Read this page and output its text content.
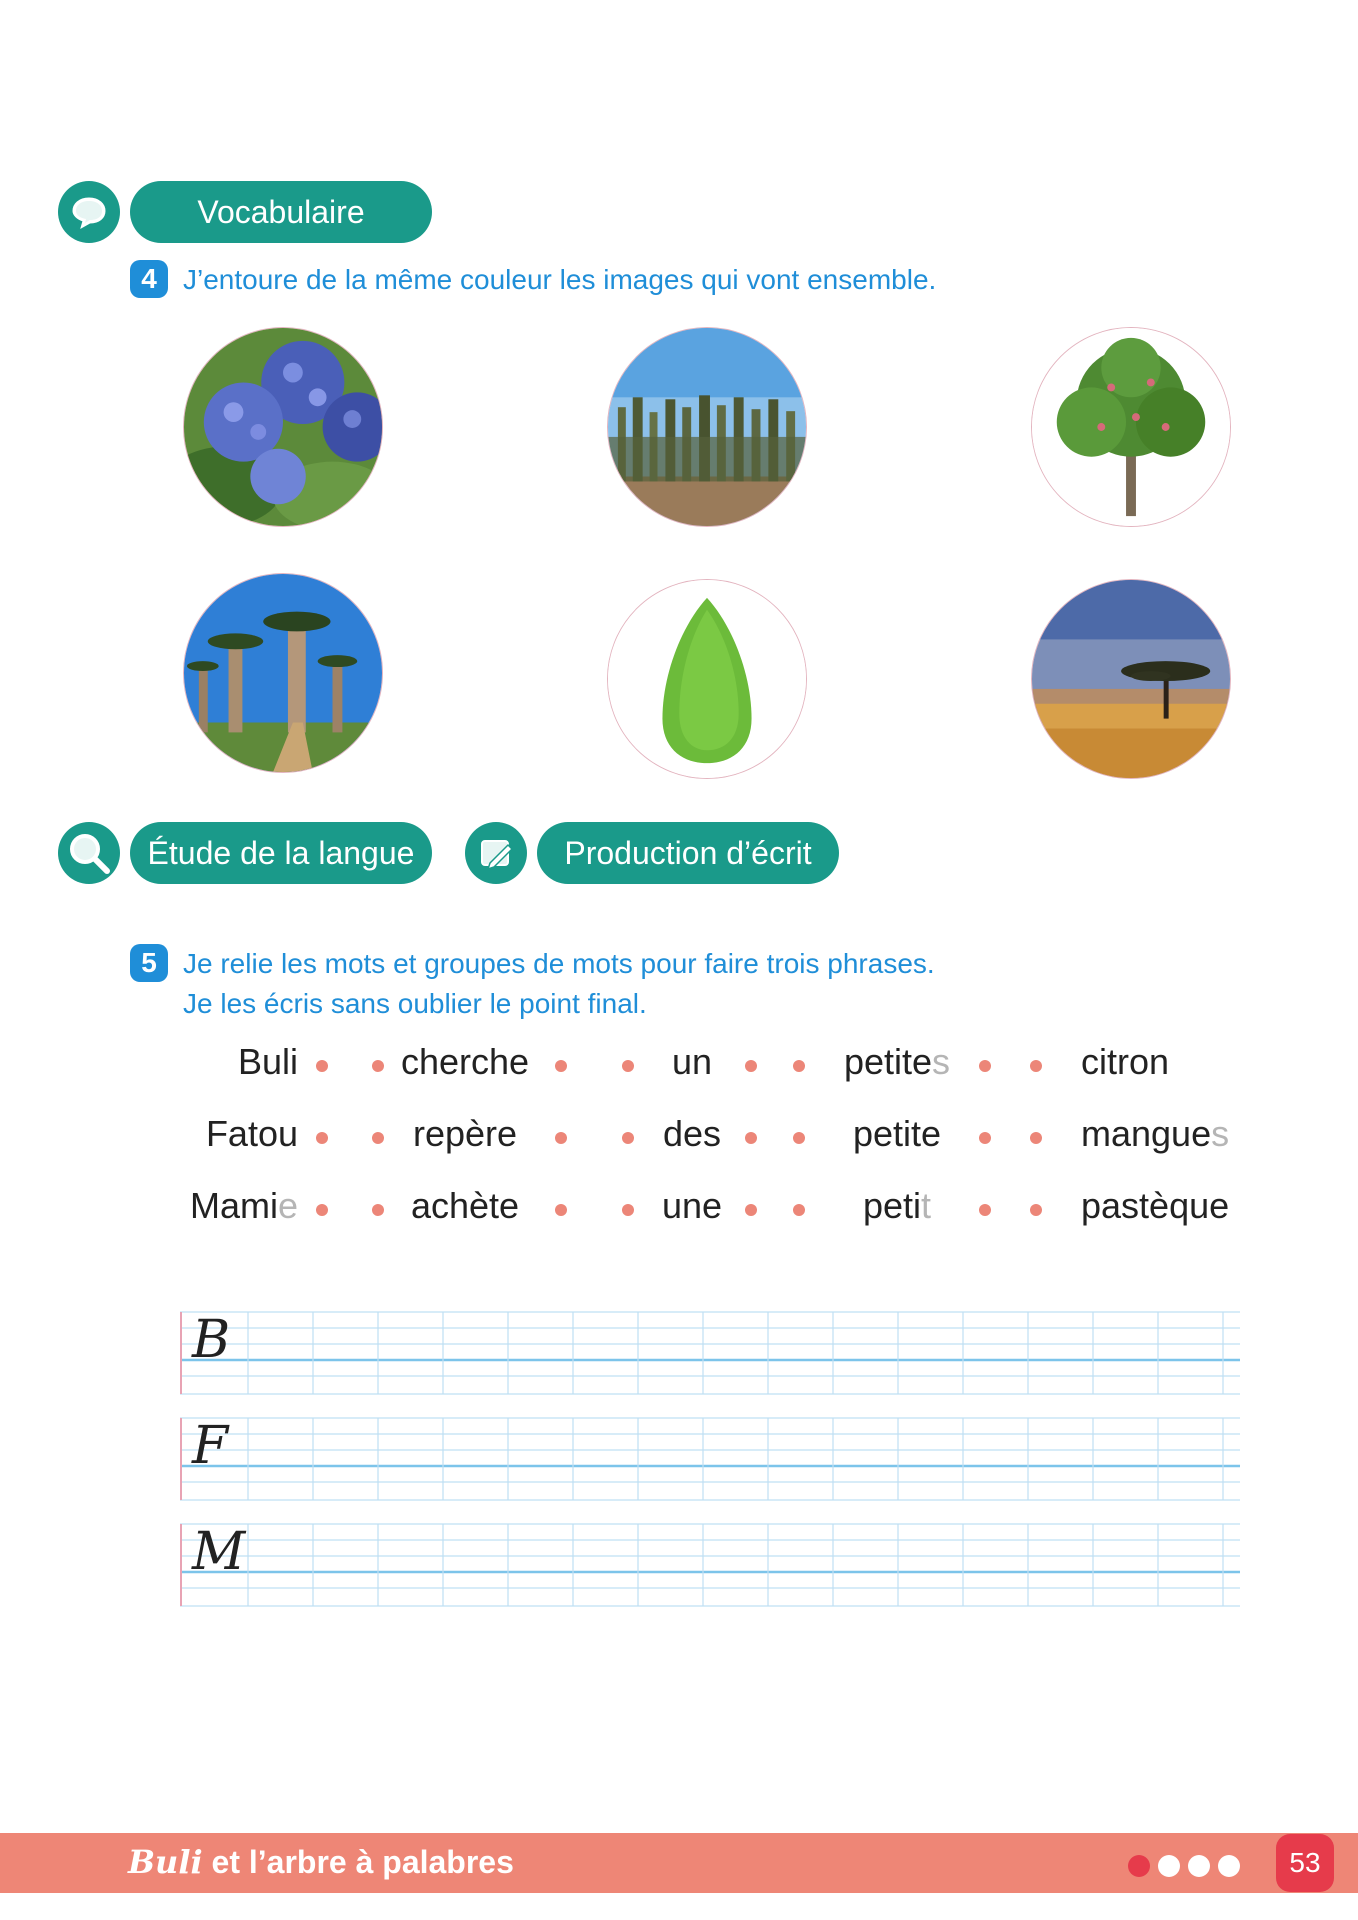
Vocabulaire
4 J’entoure de la même couleur les images qui vont ensemble.
Étude de la langue	Production d’écrit
5 Je relie les mots et groupes de mots pour faire trois phrases.
Je les écris sans oublier le point final.
Buli
Fatou
Mamie
cherche
repère
achète
un
des
une
petites
petite
petit
citron
mangues
pastèque
B
F
M
Buli et l’arbre à palabres	53
